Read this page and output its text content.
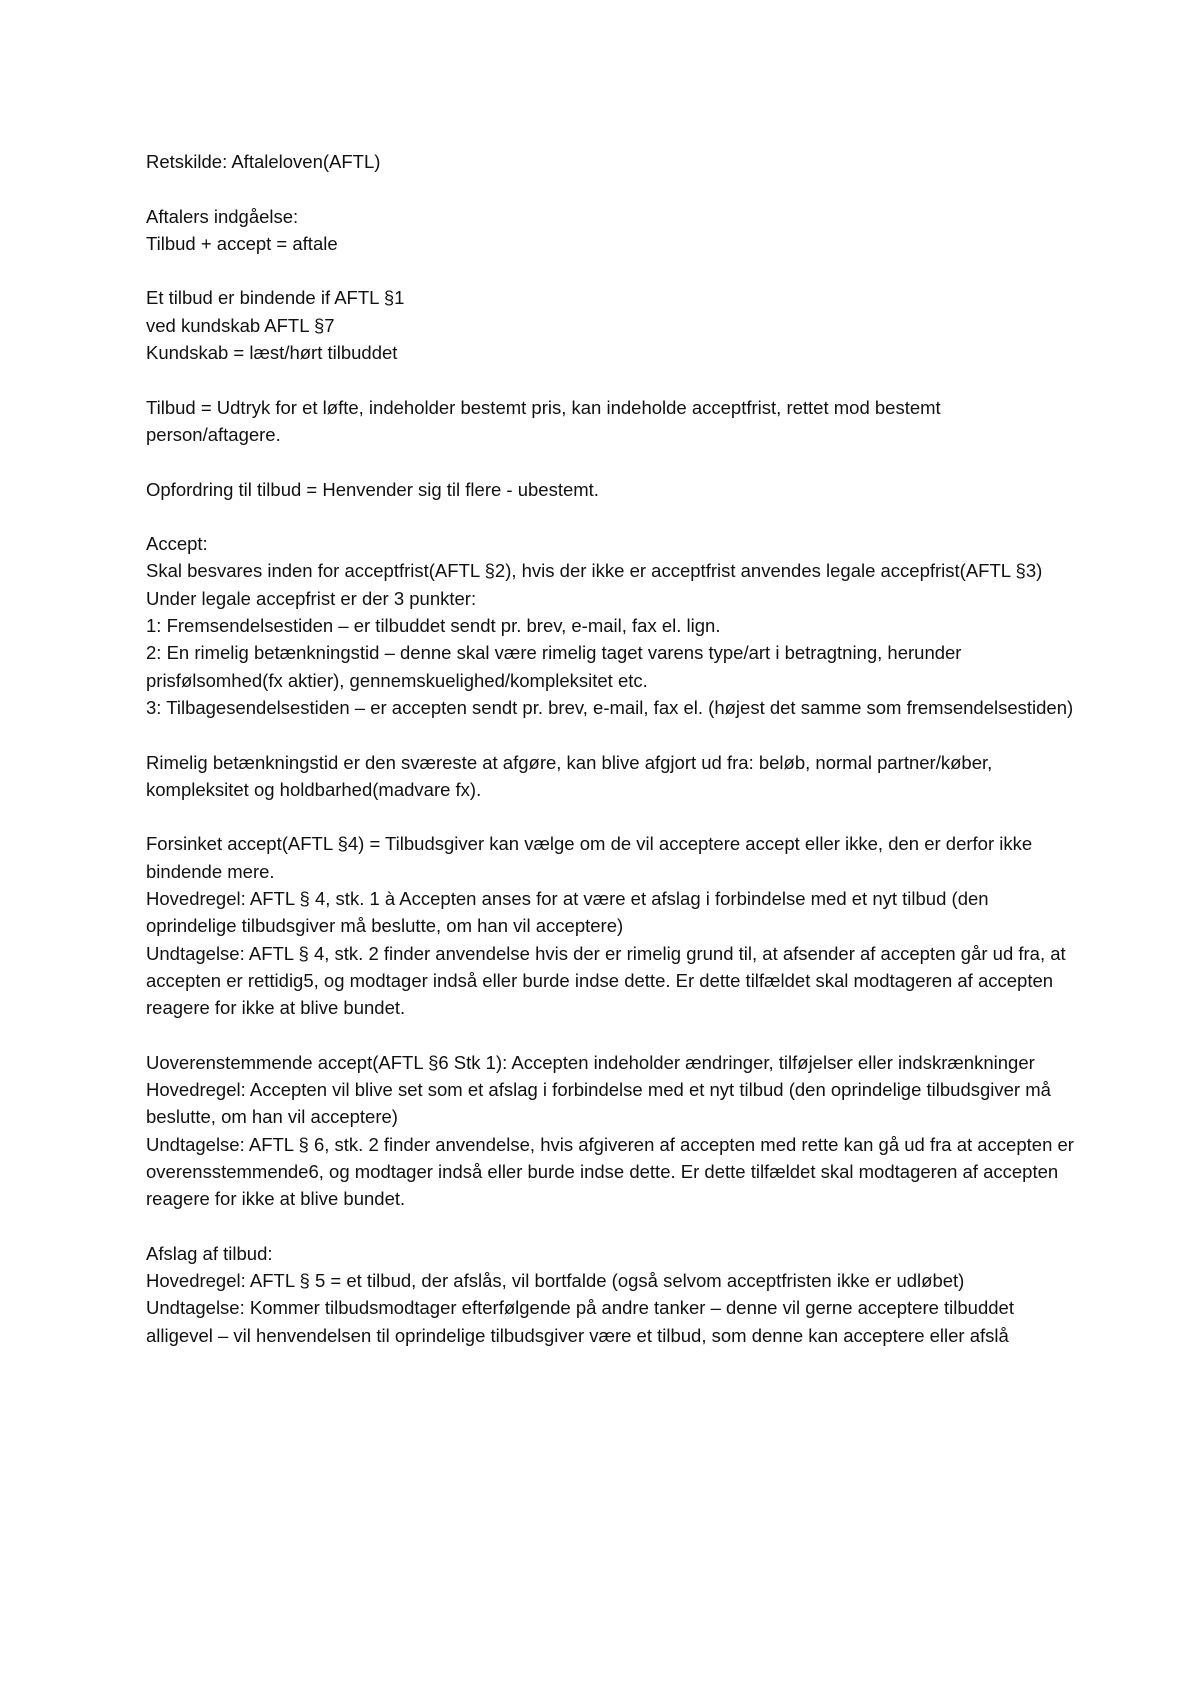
Retskilde: Aftaleloven(AFTL)
Aftalers indgåelse:
Tilbud + accept = aftale
Et tilbud er bindende if AFTL §1
ved kundskab AFTL §7
Kundskab = læst/hørt tilbuddet
Tilbud = Udtryk for et løfte, indeholder bestemt pris, kan indeholde acceptfrist, rettet mod bestemt person/aftagere.
Opfordring til tilbud = Henvender sig til flere - ubestemt.
Accept:
Skal besvares inden for acceptfrist(AFTL §2), hvis der ikke er acceptfrist anvendes legale accepfrist(AFTL §3)
Under legale accepfrist er der 3 punkter:
1: Fremsendelsestiden – er tilbuddet sendt pr. brev, e-mail, fax el. lign.
2: En rimelig betænkningstid – denne skal være rimelig taget varens type/art i betragtning, herunder prisfølsomhed(fx aktier), gennemskuelighed/kompleksitet etc.
3: Tilbagesendelsestiden – er accepten sendt pr. brev, e-mail, fax el. (højest det samme som fremsendelsestiden)
Rimelig betænkningstid er den sværeste at afgøre, kan blive afgjort ud fra: beløb, normal partner/køber, kompleksitet og holdbarhed(madvare fx).
Forsinket accept(AFTL §4) = Tilbudsgiver kan vælge om de vil acceptere accept eller ikke, den er derfor ikke bindende mere.
Hovedregel: AFTL § 4, stk. 1 à Accepten anses for at være et afslag i forbindelse med et nyt tilbud (den oprindelige tilbudsgiver må beslutte, om han vil acceptere)
Undtagelse: AFTL § 4, stk. 2 finder anvendelse hvis der er rimelig grund til, at afsender af accepten går ud fra, at accepten er rettidig5, og modtager indså eller burde indse dette. Er dette tilfældet skal modtageren af accepten reagere for ikke at blive bundet.
Uoverenstemmende accept(AFTL §6 Stk 1): Accepten indeholder ændringer, tilføjelser eller indskrænkninger
Hovedregel: Accepten vil blive set som et afslag i forbindelse med et nyt tilbud (den oprindelige tilbudsgiver må beslutte, om han vil acceptere)
Undtagelse: AFTL § 6, stk. 2 finder anvendelse, hvis afgiveren af accepten med rette kan gå ud fra at accepten er overensstemmende6, og modtager indså eller burde indse dette. Er dette tilfældet skal modtageren af accepten reagere for ikke at blive bundet.
Afslag af tilbud:
Hovedregel: AFTL § 5 = et tilbud, der afslås, vil bortfalde (også selvom acceptfristen ikke er udløbet)
Undtagelse: Kommer tilbudsmodtager efterfølgende på andre tanker – denne vil gerne acceptere tilbuddet alligevel – vil henvendelsen til oprindelige tilbudsgiver være et tilbud, som denne kan acceptere eller afslå
